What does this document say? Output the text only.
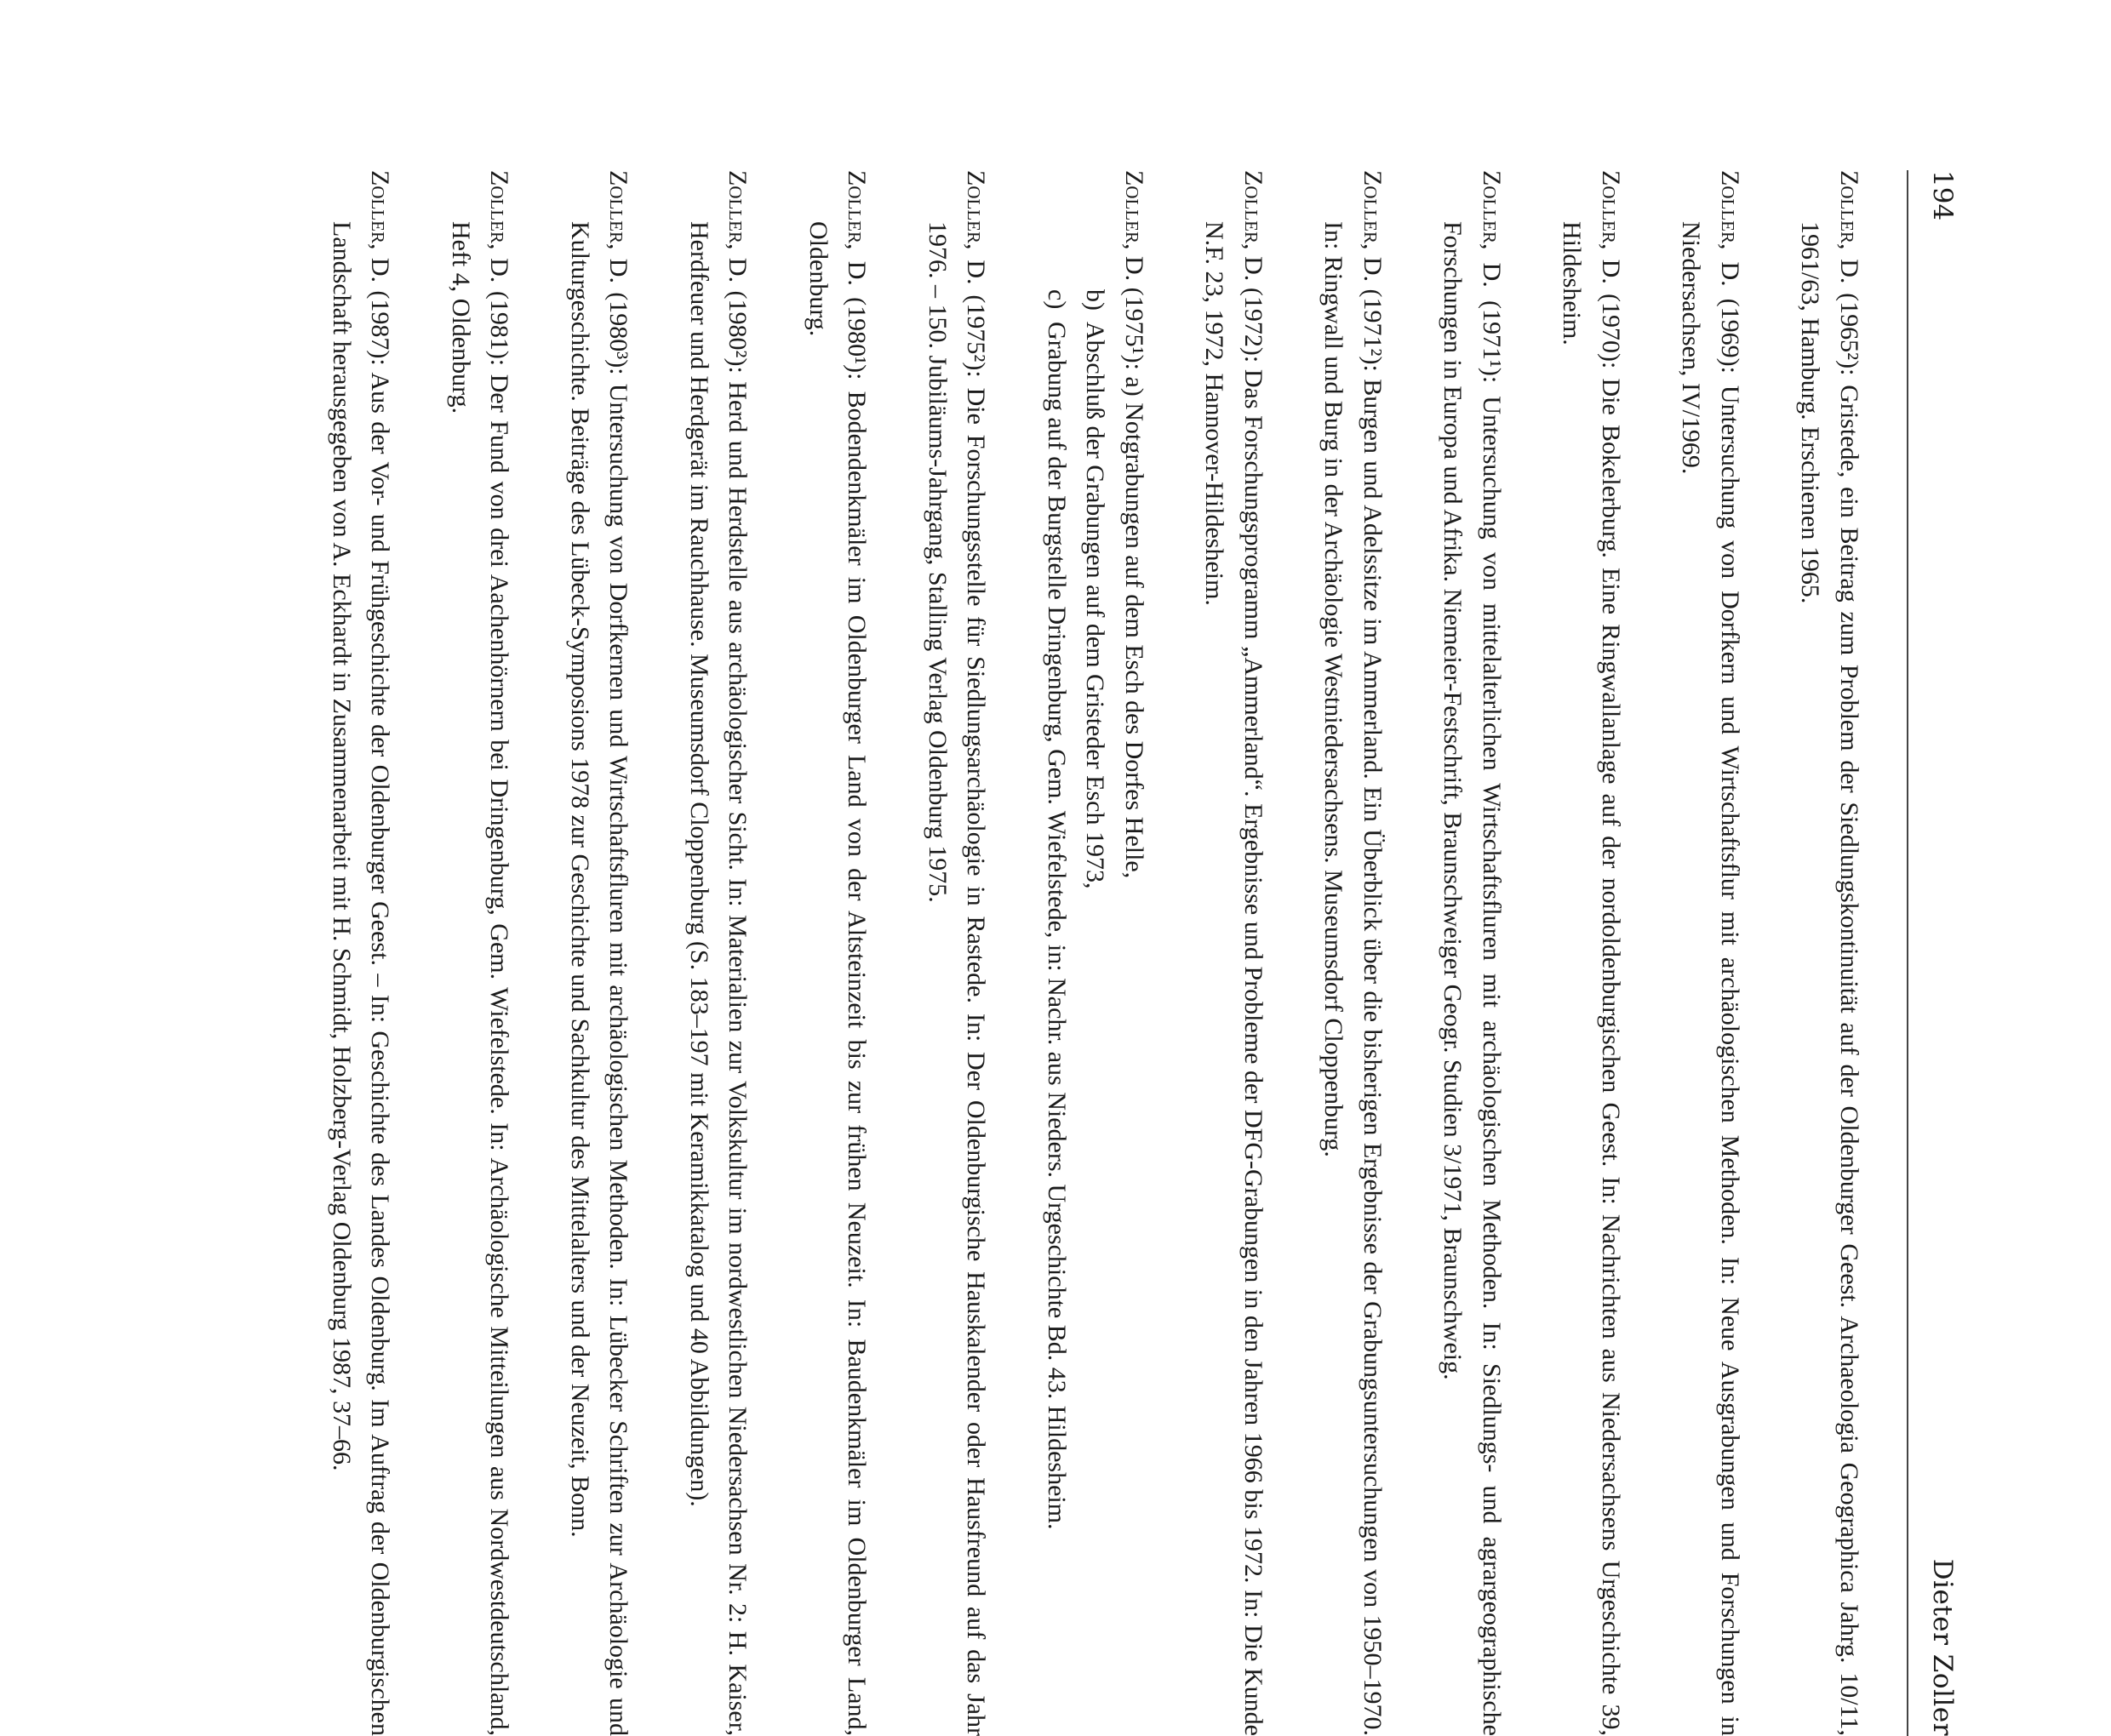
194
Dieter Zoller

Zoller, D. (1965²): Gristede, ein Beitrag zum Problem der Siedlungskontinuität auf der Oldenburger Geest. Archaeologia Geographica Jahrg. 10/11, 1961/63, Hamburg. Erschienen 1965.

Zoller, D. (1969): Untersuchung von Dorfkern und Wirtschaftsflur mit archäologischen Methoden. In: Neue Ausgrabungen und Forschungen in Niedersachsen, IV/1969.

Zoller, D. (1970): Die Bokelerburg. Eine Ringwallanlage auf der nordoldenburgischen Geest. In: Nachrichten aus Niedersachsens Urgeschichte 39, Hildesheim.

Zoller, D. (1971¹): Untersuchung von mittelalterlichen Wirtschaftsfluren mit archäologischen Methoden. In: Siedlungs- und agrargeographische Forschungen in Europa und Afrika. Niemeier-Festschrift, Braunschweiger Geogr. Studien 3/1971, Braunschweig.

Zoller, D. (1971²): Burgen und Adelssitze im Ammerland. Ein Überblick über die bisherigen Ergebnisse der Grabungsuntersuchungen von 1950–1970. In: Ringwall und Burg in der Archäologie Westniedersachsens. Museumsdorf Cloppenburg.

Zoller, D. (1972): Das Forschungsprogramm „Ammerland“. Ergebnisse und Probleme der DFG-Grabungen in den Jahren 1966 bis 1972. In: Die Kunde N.F. 23, 1972, Hannover-Hildesheim.

Zoller, D. (1975¹): a) Notgrabungen auf dem Esch des Dorfes Helle,
b)Abschluß der Grabungen auf dem Gristeder Esch 1973,
c)Grabung auf der Burgstelle Dringenburg, Gem. Wiefelstede, in: Nachr. aus Nieders. Urgeschichte Bd. 43. Hildesheim.

Zoller, D. (1975²): Die Forschungsstelle für Siedlungsarchäologie in Rastede. In: Der Oldenburgische Hauskalender oder Hausfreund auf das Jahr 1976. – 150. Jubiläums-Jahrgang, Stalling Verlag Oldenburg 1975.

Zoller, D. (1980¹): Bodendenkmäler im Oldenburger Land von der Altsteinzeit bis zur frühen Neuzeit. In: Baudenkmäler im Oldenburger Land, Oldenburg.

Zoller, D. (1980²): Herd und Herdstelle aus archäologischer Sicht. In: Materialien zur Volkskultur im nordwestlichen Niedersachsen Nr. 2: H. Kaiser, Herdfeuer und Herdgerät im Rauchhause. Museumsdorf Cloppenburg (S. 183–197 mit Keramikkatalog und 40 Abbildungen).

Zoller, D. (1980³): Untersuchung von Dorfkernen und Wirtschaftsfluren mit archäologischen Methoden. In: Lübecker Schriften zur Archäologie und Kulturgeschichte. Beiträge des Lübeck-Symposions 1978 zur Geschichte und Sachkultur des Mittelalters und der Neuzeit, Bonn.

Zoller, D. (1981): Der Fund von drei Aachenhörnern bei Dringenburg, Gem. Wiefelstede. In: Archäologische Mitteilungen aus Nordwestdeutschland, Heft 4, Oldenburg.

Zoller, D. (1987): Aus der Vor- und Frühgeschichte der Oldenburger Geest. – In: Geschichte des Landes Oldenburg. Im Auftrag der Oldenburgischen Landschaft herausgegeben von A. Eckhardt in Zusammenarbeit mit H. Schmidt, Holzberg-Verlag Oldenburg 1987, 37–66.
